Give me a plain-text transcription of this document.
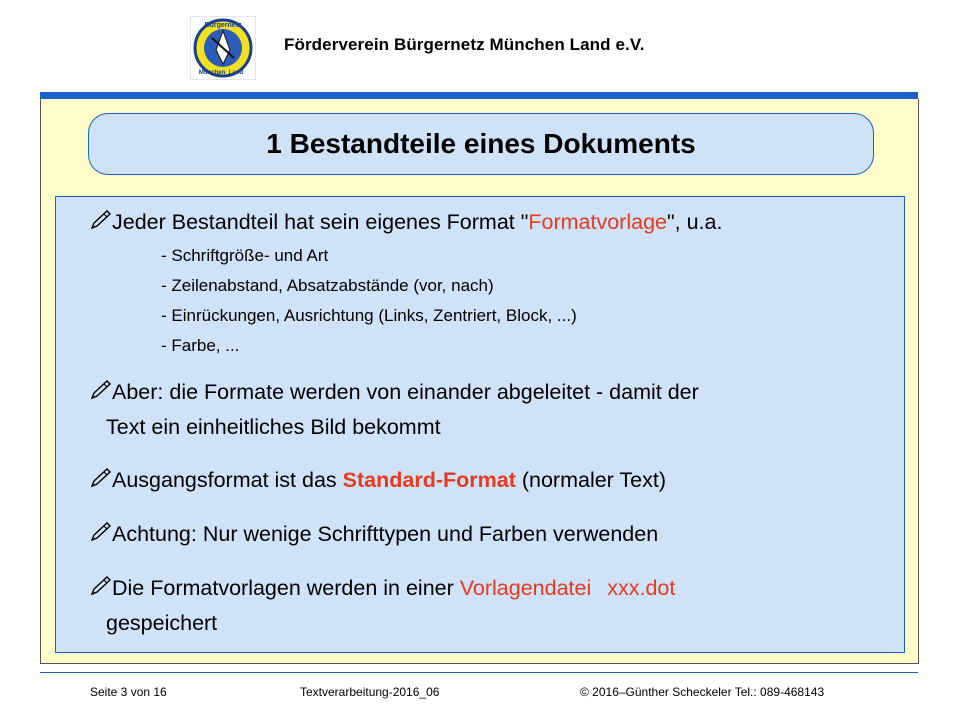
Bürgernetz
München Land
Förderverein Bürgernetz München Land e.V.
1 Bestandteile eines Dokuments
Jeder Bestandteil hat sein eigenes Format "Formatvorlage", u.a.
- Schriftgröße- und Art
- Zeilenabstand, Absatzabstände (vor, nach)
- Einrückungen, Ausrichtung (Links, Zentriert, Block, ...)
- Farbe, ...
Aber: die Formate werden von einander abgeleitet - damit der
Text ein einheitliches Bild bekommt
Ausgangsformat ist das Standard-Format (normaler Text)
Achtung: Nur wenige Schrifttypen und Farben verwenden
Die Formatvorlagen werden in einer Vorlagendatei xxx.dot
gespeichert
Seite 3 von 16	Textverarbeitung-2016_06	© 2016–Günther Scheckeler Tel.: 089-468143
